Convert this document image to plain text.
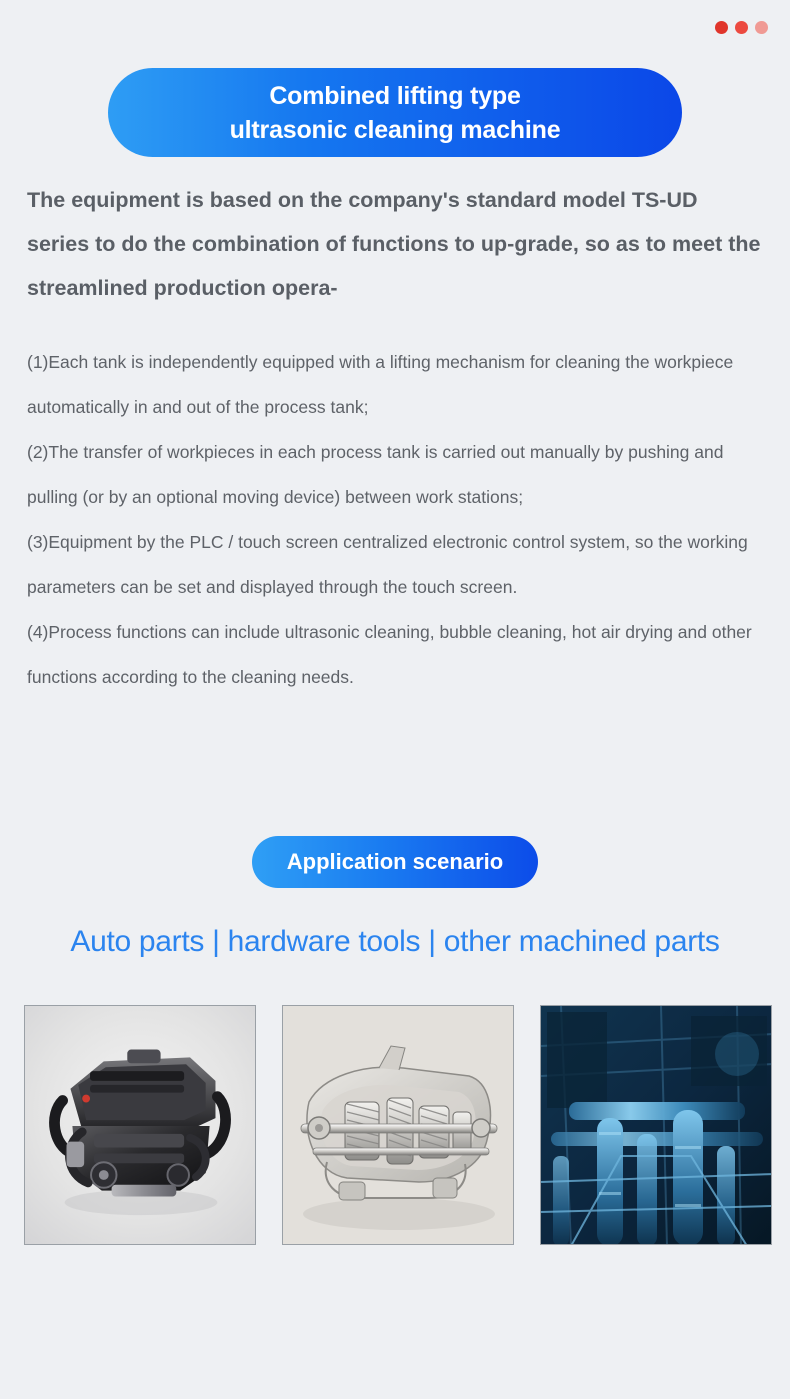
Combined lifting type
ultrasonic cleaning machine
The equipment is based on the company's standard model TS-UD series to do the combination of functions to up-grade, so as to meet the streamlined production opera-

(1)Each tank is independently equipped with a lifting mechanism for cleaning the workpiece automatically in and out of the process tank;

(2)The transfer of workpieces in each process tank is carried out manually by pushing and pulling (or by an optional moving device) between work stations;

(3)Equipment by the PLC / touch screen centralized electronic control system, so the working parameters can be set and displayed through the touch screen.

(4)Process functions can include ultrasonic cleaning, bubble cleaning, hot air drying and other functions according to the cleaning needs.

Application scenario
Auto parts | hardware tools | other machined parts
